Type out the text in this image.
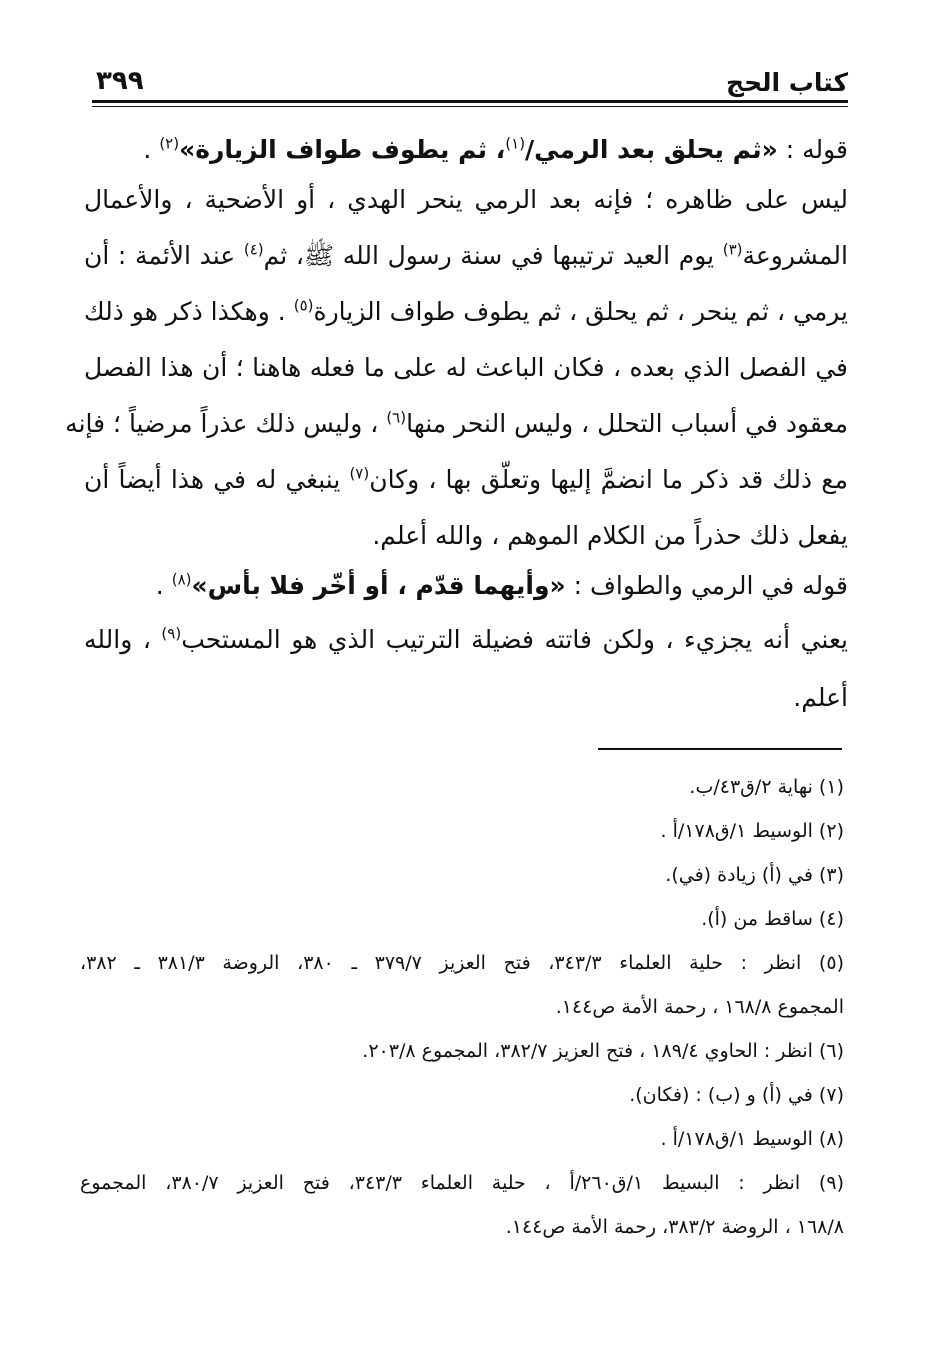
كتاب الحج
٣٩٩
قوله : «ثم يحلق بعد الرمي/$^{(١)}$، ثم يطوف طواف الزيارة»$^{(٢)}$ .
ليس على ظاهره ؛ فإنه بعد الرمي ينحر الهدي ، أو الأضحية ، والأعمال
المشروعة$^{(٣)}$ يوم العيد ترتيبها في سنة رسول الله ﷺ، ثم$^{(٤)}$ عند الأئمة : أن
يرمي ، ثم ينحر ، ثم يحلق ، ثم يطوف طواف الزيارة$^{(٥)}$ . وهكذا ذكر هو ذلك
في الفصل الذي بعده ، فكان الباعث له على ما فعله هاهنا ؛ أن هذا الفصل
معقود في أسباب التحلل ، وليس النحر منها$^{(٦)}$ ، وليس ذلك عذراً مرضياً ؛ فإنه
مع ذلك قد ذكر ما انضمَّ إليها وتعلّق بها ، وكان$^{(٧)}$ ينبغي له في هذا أيضاً أن
يفعل ذلك حذراً من الكلام الموهم ، والله أعلم.
قوله في الرمي والطواف : «وأيهما قدّم ، أو أخّر فلا بأس»$^{(٨)}$ .
يعني أنه يجزيء ، ولكن فاتته فضيلة الترتيب الذي هو المستحب$^{(٩)}$ ، والله
أعلم.
(١) نهاية ٢/ق٤٣/ب.
(٢) الوسيط ١/ق١٧٨/أ .
(٣) في (أ) زيادة (في).
(٤) ساقط من (أ).
(٥) انظر : حلية العلماء ٣٤٣/٣، فتح العزيز ٣٧٩/٧ ـ ٣٨٠، الروضة ٣٨١/٣ ـ ٣٨٢،
المجموع ١٦٨/٨ ، رحمة الأمة ص١٤٤.
(٦) انظر : الحاوي ١٨٩/٤ ، فتح العزيز ٣٨٢/٧، المجموع ٢٠٣/٨.
(٧) في (أ) و (ب) : (فكان).
(٨) الوسيط ١/ق١٧٨/أ .
(٩) انظر : البسيط ١/ق٢٦٠/أ ، حلية العلماء ٣٤٣/٣، فتح العزيز ٣٨٠/٧، المجموع
١٦٨/٨ ، الروضة ٣٨٣/٢، رحمة الأمة ص١٤٤.
